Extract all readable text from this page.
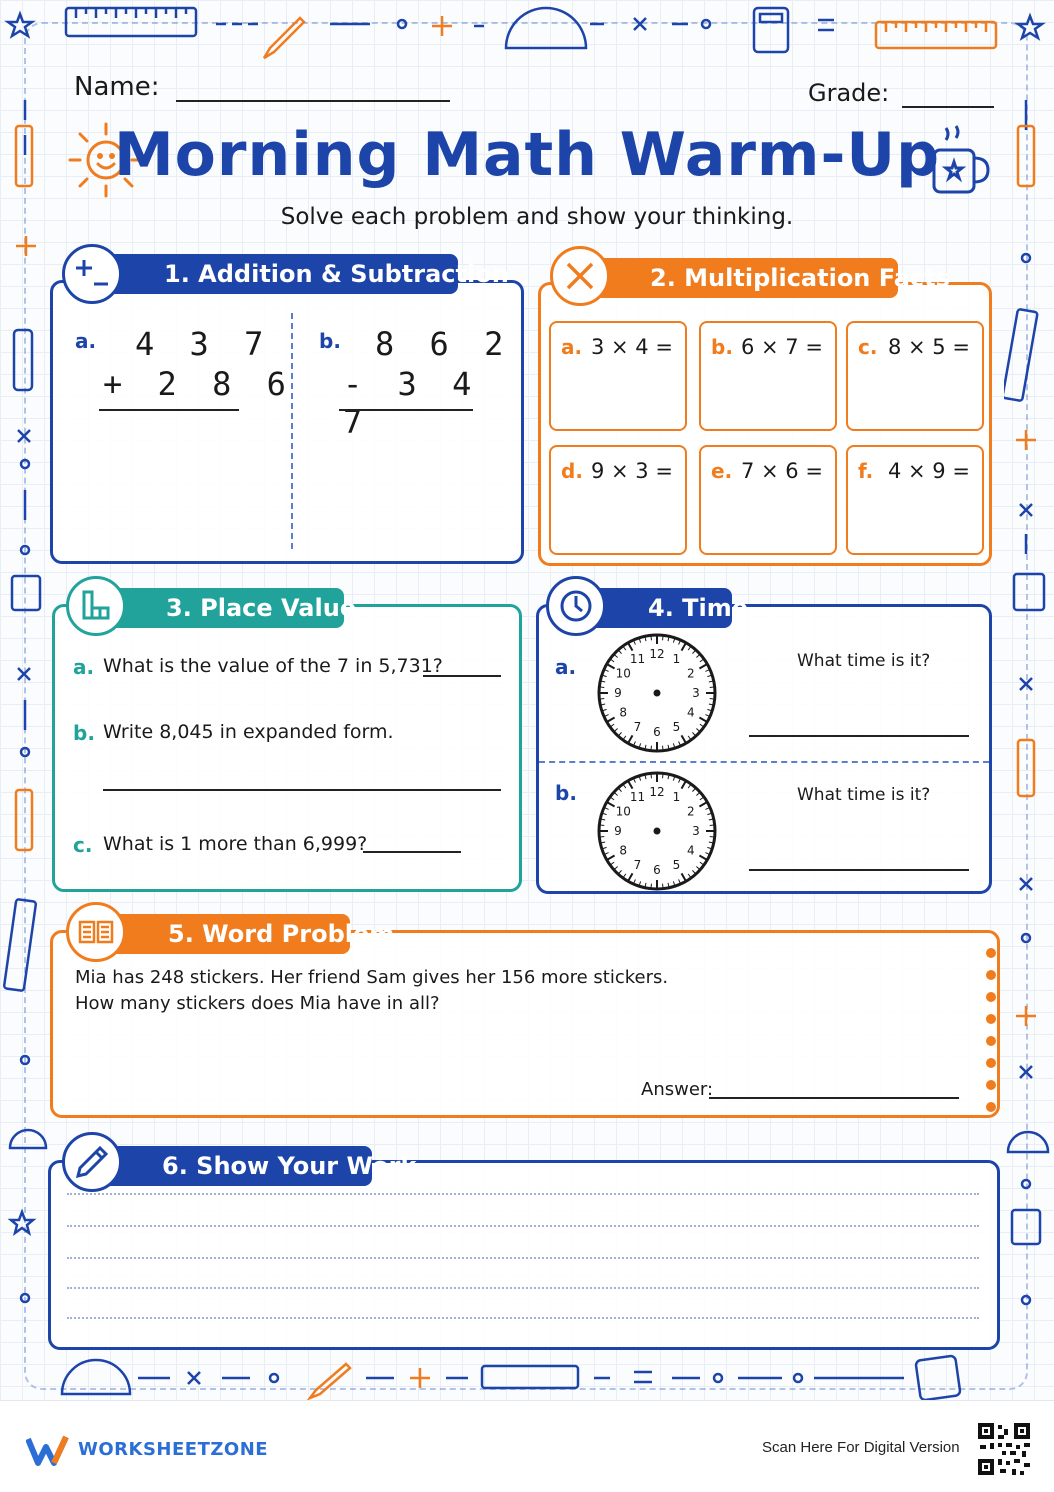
Name:	Grade:
Morning Math Warm-Up
Solve each problem and show your thinking.
a. 4 3 7
+ 2 8 6
b. 8 6 2
- 3 4 7
1. Addition & Subtraction
a. 3 × 4 = b. 6 × 7 = c. 8 × 5 =
d. 9 × 3 = e. 7 × 6 = f. 4 × 9 =
2. Multiplication Facts
a. What is the value of the 7 in 5,731?
b. Write 8,045 in expanded form.
c. What is 1 more than 6,999?
3. Place Value
a.
12 1
2
3
4
5
6
7
8
9
10
11	What time is it?
b.	12 1
2
3
4
5
6
7
8
9
10
11	What time is it?
4. Time
Mia has 248 stickers. Her friend Sam gives her 156 more stickers.
How many stickers does Mia have in all?
Answer:
5. Word Problem
6. Show Your Work
WORKSHEETZONE	Scan Here For Digital Version
